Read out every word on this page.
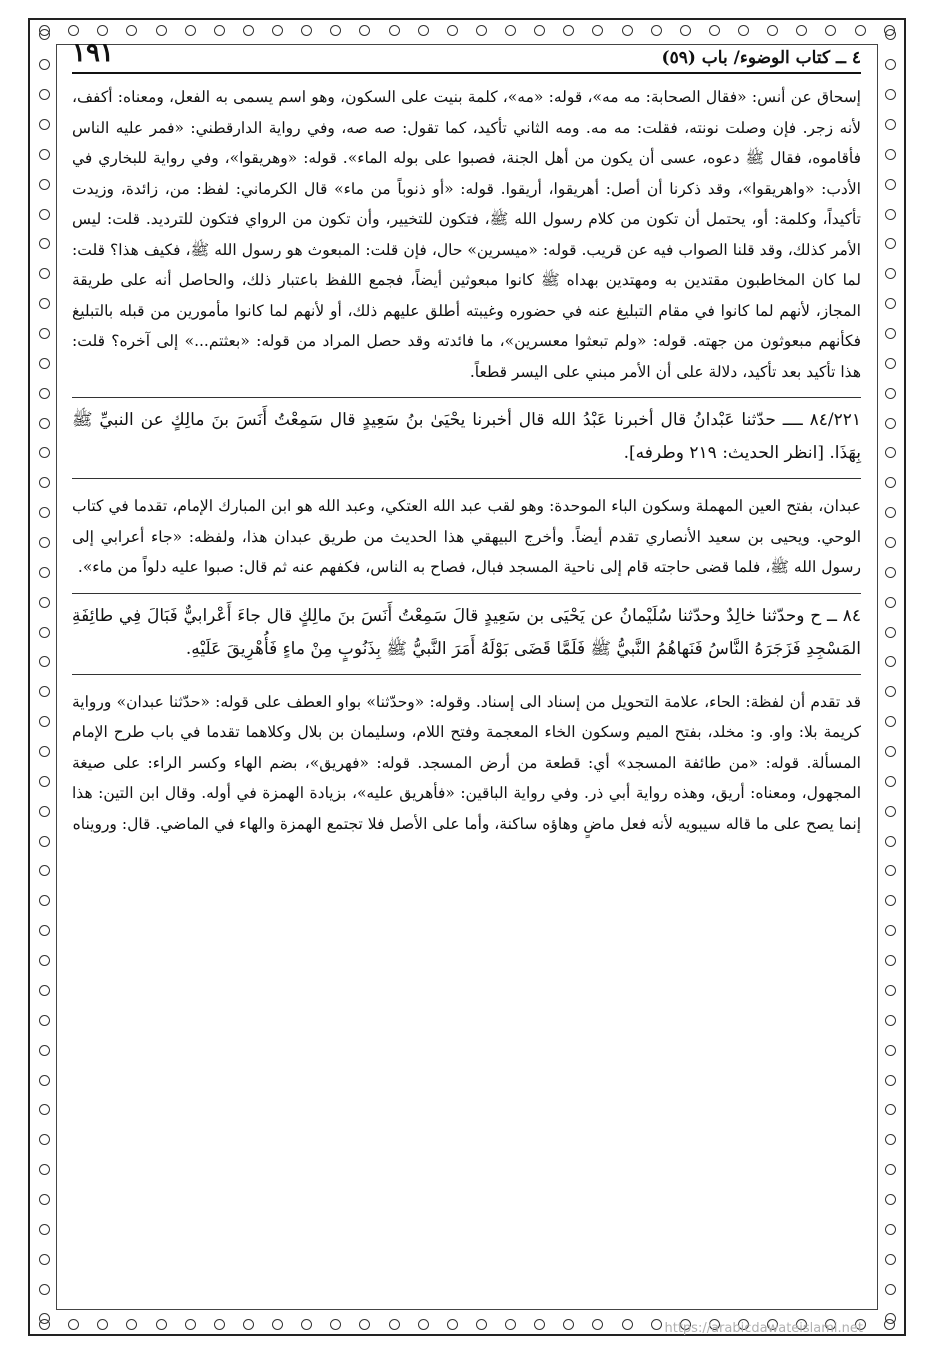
٤ ــ كتاب الوضوء/ باب (٥٩)
١٩١

إسحاق عن أنس: «فقال الصحابة: مه مه»، قوله: «مه»، كلمة بنيت على السكون، وهو اسم يسمى به الفعل، ومعناه: أكفف، لأنه زجر. فإن وصلت نونته، فقلت: مه مه. ومه الثاني تأكيد، كما تقول: صه صه، وفي رواية الدارقطني: «فمر عليه الناس فأقاموه، فقال ﷺ دعوه، عسى أن يكون من أهل الجنة، فصبوا على بوله الماء». قوله: «وهريقوا»، وفي رواية للبخاري في الأدب: «واهريقوا»، وقد ذكرنا أن أصل: أهريقوا، أريقوا. قوله: «أو ذنوباً من ماء» قال الكرماني: لفظ: من، زائدة، وزيدت تأكيداً، وكلمة: أو، يحتمل أن تكون من كلام رسول الله ﷺ، فتكون للتخيير، وأن تكون من الرواي فتكون للترديد. قلت: ليس الأمر كذلك، وقد قلنا الصواب فيه عن قريب. قوله: «ميسرين» حال، فإن قلت: المبعوث هو رسول الله ﷺ، فكيف هذا؟ قلت: لما كان المخاطبون مقتدين به ومهتدين بهداه ﷺ كانوا مبعوثين أيضاً، فجمع اللفظ باعتبار ذلك، والحاصل أنه على طريقة المجاز، لأنهم لما كانوا في مقام التبليغ عنه في حضوره وغيبته أطلق عليهم ذلك، أو لأنهم لما كانوا مأمورين من قبله بالتبليغ فكأنهم مبعوثون من جهته. قوله: «ولم تبعثوا معسرين»، ما فائدته وقد حصل المراد من قوله: «بعثتم...» إلى آخره؟ قلت: هذا تأكيد بعد تأكيد، دلالة على أن الأمر مبني على اليسر قطعاً.

٨٤/٢٢١ ــــ حدّثنا عَبْدانُ قال أخبرنا عَبْدُ الله قال أخبرنا يحْيَىٰ بنُ سَعِيدٍ قال سَمِعْتُ أَنَسَ بنَ مالِكٍ عن النبيِّ ﷺ بِهَذَا. [انظر الحديث: ٢١٩ وطرفه].

عبدان، بفتح العين المهملة وسكون الباء الموحدة: وهو لقب عبد الله العتكي، وعبد الله هو ابن المبارك الإمام، تقدما في كتاب الوحي. ويحيى بن سعيد الأنصاري تقدم أيضاً. وأخرج البيهقي هذا الحديث من طريق عبدان هذا، ولفظه: «جاء أعرابي إلى رسول الله ﷺ، فلما قضى حاجته قام إلى ناحية المسجد فبال، فصاح به الناس، فكفهم عنه ثم قال: صبوا عليه دلواً من ماء».

٨٤ ــ ح وحدّثنا خالِدٌ وحدّثنا سُلَيْمانُ عن يَحْيَى بن سَعِيدٍ قالَ سَمِعْتُ أَنَسَ بنَ مالِكٍ قال جاءَ أَعْرابيٌّ فَبَالَ فِي طائِفَةِ المَسْجِدِ فَزَجَرَهُ النَّاسُ فَنَهاهُمُ النَّبيُّ ﷺ فَلَمَّا قَضَى بَوْلَهُ أَمَرَ النَّبيُّ ﷺ بِذَنُوبٍ مِنْ ماءٍ فَأُهْرِيقَ عَلَيْهِ.

قد تقدم أن لفظة: الحاء، علامة التحويل من إسناد الى إسناد. وقوله: «وحدّثنا» بواو العطف على قوله: «حدّثنا عبدان» ورواية كريمة بلا: واو. و: مخلد، بفتح الميم وسكون الخاء المعجمة وفتح اللام، وسليمان بن بلال وكلاهما تقدما في باب طرح الإمام المسألة. قوله: «من طائفة المسجد» أي: قطعة من أرض المسجد. قوله: «فهريق»، بضم الهاء وكسر الراء: على صيغة المجهول، ومعناه: أريق، وهذه رواية أبي ذر. وفي رواية الباقين: «فأهريق عليه»، بزيادة الهمزة في أوله. وقال ابن التين: هذا إنما يصح على ما قاله سيبويه لأنه فعل ماضٍ وهاؤه ساكنة، وأما على الأصل فلا تجتمع الهمزة والهاء في الماضي. قال: ورويناه

https://arabicdawateislami.net
